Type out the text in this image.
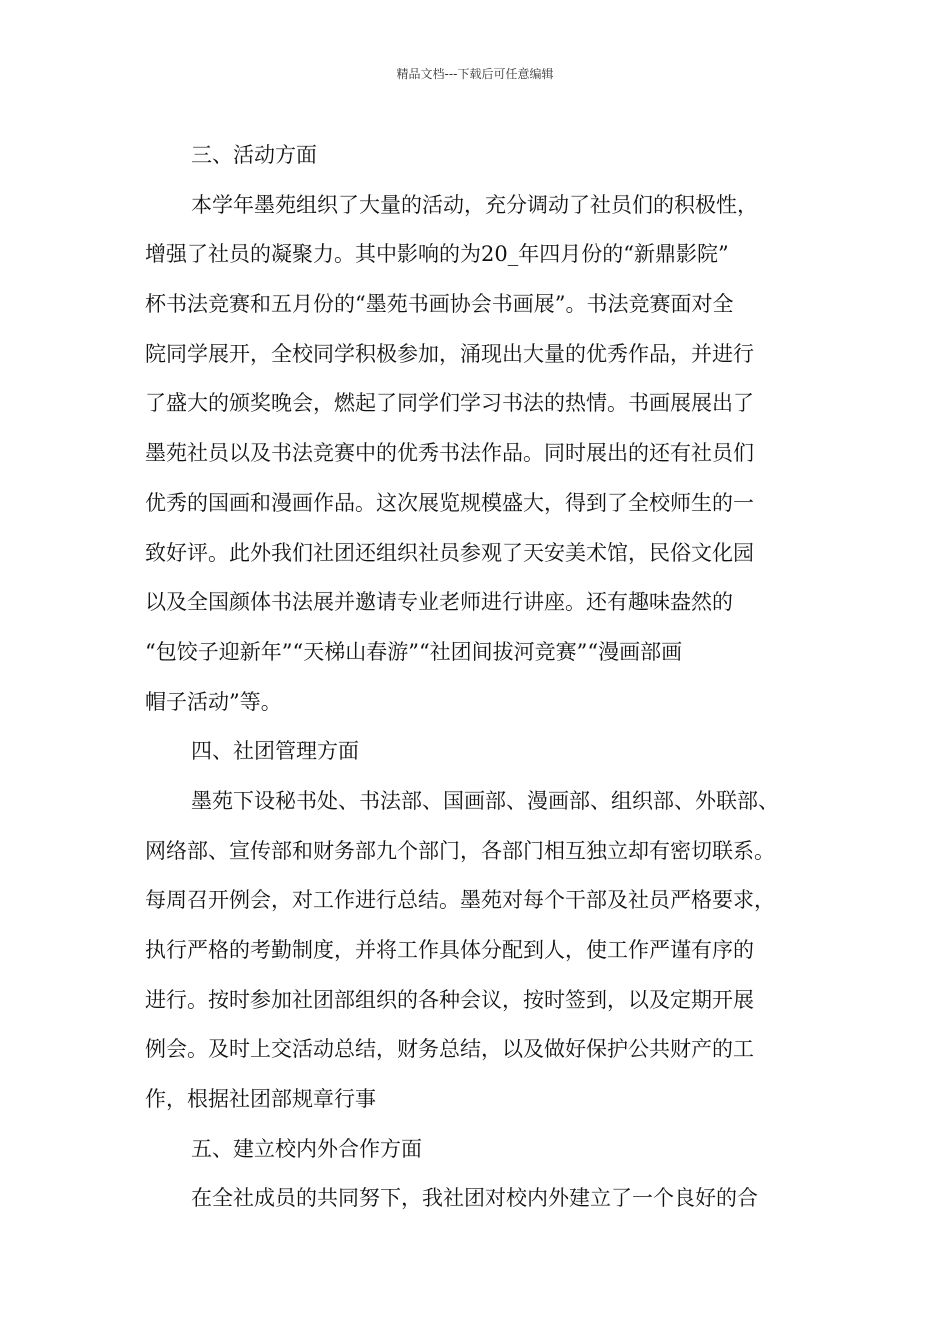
精品文档---下载后可任意编辑
三、活动方面
本学年墨苑组织了大量的活动，充分调动了社员们的积极性，
增强了社员的凝聚力。其中影响的为20_年四月份的“新鼎影院”
杯书法竞赛和五月份的“墨苑书画协会书画展”。书法竞赛面对全
院同学展开，全校同学积极参加，涌现出大量的优秀作品，并进行
了盛大的颁奖晚会，燃起了同学们学习书法的热情。书画展展出了
墨苑社员以及书法竞赛中的优秀书法作品。同时展出的还有社员们
优秀的国画和漫画作品。这次展览规模盛大，得到了全校师生的一
致好评。此外我们社团还组织社员参观了天安美术馆，民俗文化园
以及全国颜体书法展并邀请专业老师进行讲座。还有趣味盎然的
“包饺子迎新年”“天梯山春游”“社团间拔河竞赛”“漫画部画
帽子活动”等。
四、社团管理方面
墨苑下设秘书处、书法部、国画部、漫画部、组织部、外联部、
网络部、宣传部和财务部九个部门，各部门相互独立却有密切联系。
每周召开例会，对工作进行总结。墨苑对每个干部及社员严格要求，
执行严格的考勤制度，并将工作具体分配到人，使工作严谨有序的
进行。按时参加社团部组织的各种会议，按时签到，以及定期开展
例会。及时上交活动总结，财务总结，以及做好保护公共财产的工
作，根据社团部规章行事
五、建立校内外合作方面
在全社成员的共同努下，我社团对校内外建立了一个良好的合
